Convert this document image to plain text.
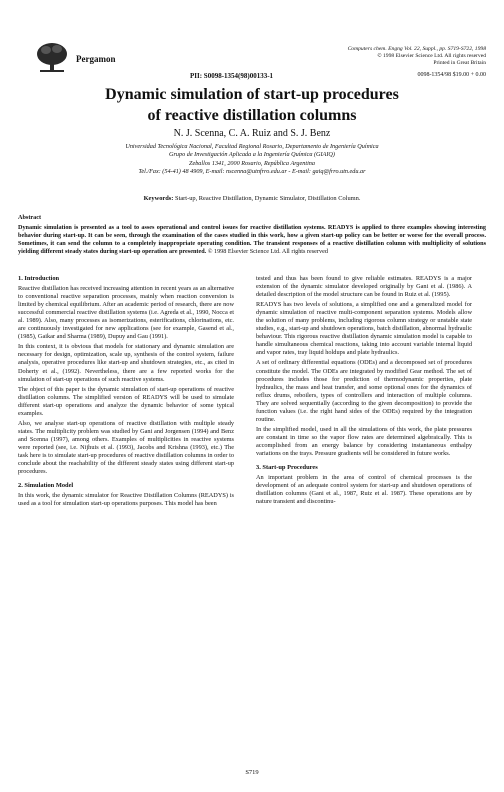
Pergamon
Computers chem. Engng Vol. 22, Suppl., pp. S719-S722, 1998
© 1998 Elsevier Science Ltd. All rights reserved
Printed in Great Britain
PII: S0098-1354(98)00133-1	0098-1354/98 $19.00 + 0.00
Dynamic simulation of start-up procedures
of reactive distillation columns
N. J. Scenna, C. A. Ruiz and S. J. Benz
Universidad Tecnológica Nacional, Facultad Regional Rosario, Departamento de Ingeniería Química
Grupo de Investigación Aplicada a la Ingeniería Química (GIAIQ)
Zeballos 1341, 2000 Rosario, República Argentina
Tel./Fax: (54-41) 48 4909, E-mail: nscenna@utnfrro.edu.ar - E-mail: gaiq@frro.utn.edu.ar
Keywords: Start-up, Reactive Distillation, Dynamic Simulator, Distillation Column.
Abstract
Dynamic simulation is presented as a tool to asses operational and control issues for reactive distillation systems. READYS is applied to three examples showing interesting behavior during start-up. It can be seen, through the examination of the cases studied in this work, how a given start-up policy can be better or worse for the overall process. Sometimes, it can send the column to a completely inappropriate operating condition. The transient responses of a reactive distillation column with multiplicity of solutions yielding different steady states during start-up operation are presented. © 1998 Elsevier Science Ltd. All rights reserved
1. Introduction

Reactive distillation has received increasing attention in recent years as an alternative to conventional reactive separation processes, mainly when reaction conversion is limited by chemical equilibrium. After an academic period of research, there are now successful commercial reactive distillation systems (i.e. Agreda et al., 1990, Nocca et al. 1989). Also, many processes as isomerizations, esterifications, chlorinations, etc. are continuously investigated for new applications (see for example, Gasend et al., (1985), Gaikar and Sharma (1989), Dupuy and Gau (1991).

In this context, it is obvious that models for stationary and dynamic simulation are necessary for design, optimization, scale up, synthesis of the control system, failure analysis, operative procedures like start-up and shutdown strategies, etc., as cited in Doherty et al., (1992). Nevertheless, there are a few reported works for the simulation of start-up operations of such reactive systems.

The object of this paper is the dynamic simulation of start-up operations of reactive distillation columns. The simplified version of READYS will be used to simulate different start-up operations and analyze the dynamic behavior of some typical examples.

Also, we analyse start-up operations of reactive distillation with multiple steady states. The multiplicity problem was studied by Gani and Jorgensen (1994) and Benz and Scenna (1997), among others. Examples of multiplicities in reactive systems were reported (see, i.e. Nijhuis et al. (1993), Jacobs and Krishna (1993), etc.) The task here is to simulate start-up procedures of reactive distillation columns in order to conclude about the reachability of the different steady states using different start-up procedures.

2. Simulation Model

In this work, the dynamic simulator for Reactive Distillation Columns (READYS) is used as a tool for simulation start-up operations purposes. This model has been

tested and thus has been found to give reliable estimates. READYS is a major extension of the dynamic simulator developed originally by Gani et al. (1986). A detailed description of the model structure can be found in Ruiz et al. (1995).

READYS has two levels of solutions, a simplified one and a generalized model for dynamic simulation of reactive multi-component separation systems. Models allow the solution of many problems, including rigorous column strategy or unstable state studies, e.g., start-up and shutdown operations, batch distillation, abnormal hydraulic behaviour. This rigorous reactive distillation dynamic simulation model is capable to handle simultaneous chemical reactions, taking into account variable internal liquid and vapor rates, tray liquid holdups and plate hydraulics.

A set of ordinary differential equations (ODEs) and a decomposed set of procedures constitute the model. The ODEs are integrated by modified Gear method. The set of procedures includes those for prediction of thermodynamic properties, plate hydraulics, the mass and heat transfer, and some optional ones for the dynamics of reflux drums, reboilers, types of controllers and interaction of multiple columns. They are solved sequentially (according to the given decomposition) to provide the function values (i.e. the right hand sides of the ODEs) required by the integration routine.

In the simplified model, used in all the simulations of this work, the plate pressures are constant in time so the vapor flow rates are determined algebraically. This is accomplished from an energy balance by considering instantaneous enthalpy variations on the trays. Pressure gradients will be considered in future works.

3. Start-up Procedures

An important problem in the area of control of chemical processes is the development of an adequate control system for start-up and shutdown operations of distillation columns (Gani et al., 1987, Ruiz et al. 1987). These operations are by nature transient and discontinu-

S719
